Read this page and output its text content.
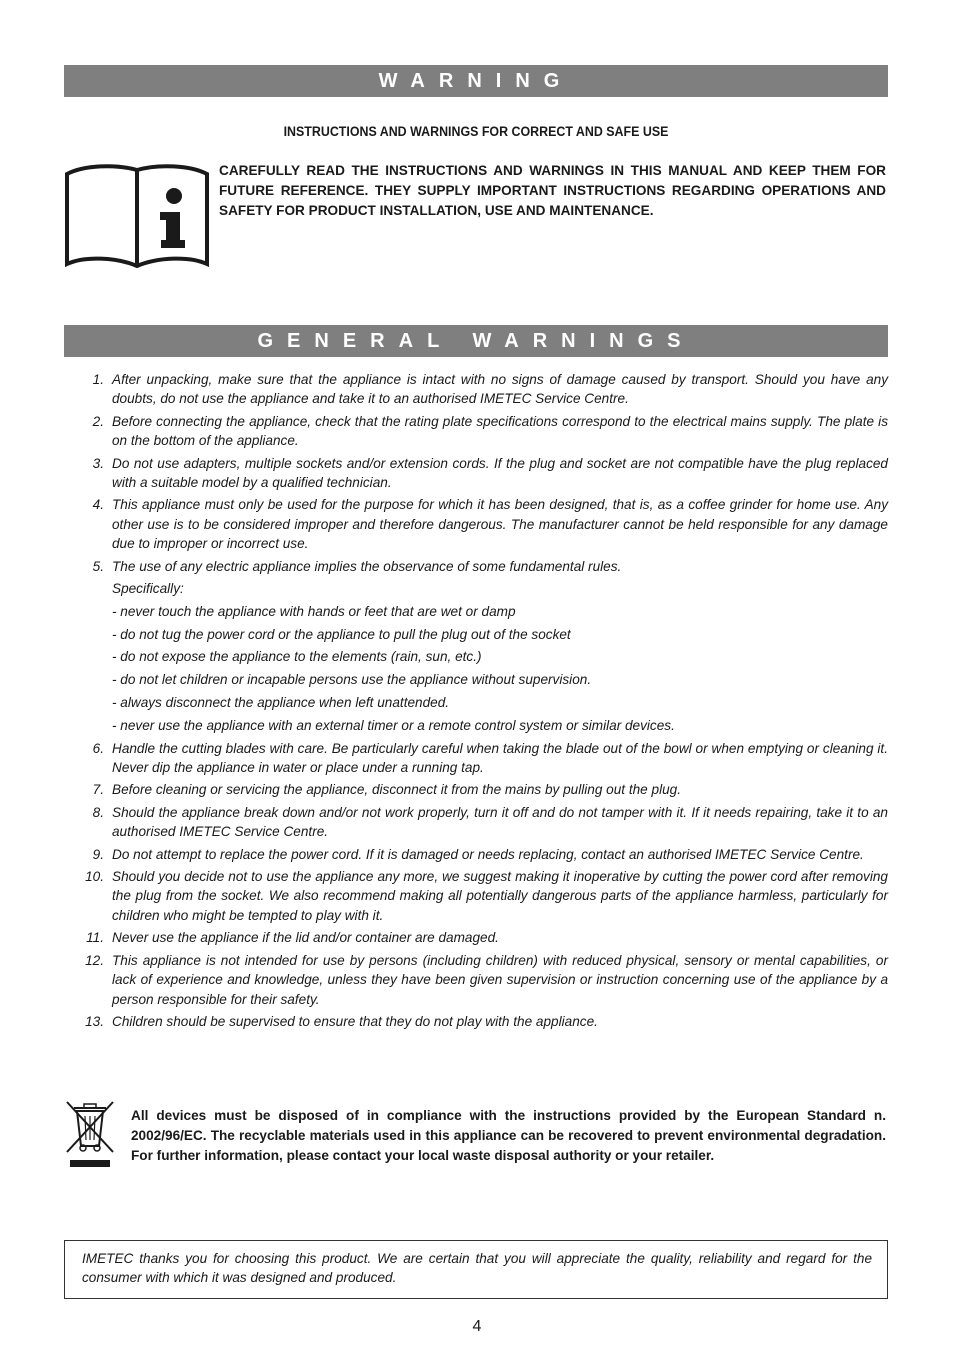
WARNING
INSTRUCTIONS AND WARNINGS FOR CORRECT AND SAFE USE
CAREFULLY READ THE INSTRUCTIONS AND WARNINGS IN THIS MANUAL AND KEEP THEM FOR FUTURE REFERENCE. THEY SUPPLY IMPORTANT INSTRUCTIONS REGARDING OPERATIONS AND SAFETY FOR PRODUCT INSTALLATION, USE AND MAINTENANCE.
GENERAL WARNINGS
1. After unpacking, make sure that the appliance is intact with no signs of damage caused by transport. Should you have any doubts, do not use the appliance and take it to an authorised IMETEC Service Centre.
2. Before connecting the appliance, check that the rating plate specifications correspond to the electrical mains supply. The plate is on the bottom of the appliance.
3. Do not use adapters, multiple sockets and/or extension cords. If the plug and socket are not compatible have the plug replaced with a suitable model by a qualified technician.
4. This appliance must only be used for the purpose for which it has been designed, that is, as a coffee grinder for home use. Any other use is to be considered improper and therefore dangerous. The manufacturer cannot be held responsible for any damage due to improper or incorrect use.
5. The use of any electric appliance implies the observance of some fundamental rules.
Specifically:
- never touch the appliance with hands or feet that are wet or damp
- do not tug the power cord or the appliance to pull the plug out of the socket
- do not expose the appliance to the elements (rain, sun, etc.)
- do not let children or incapable persons use the appliance without supervision.
- always disconnect the appliance when left unattended.
- never use the appliance with an external timer or a remote control system or similar devices.
6. Handle the cutting blades with care. Be particularly careful when taking the blade out of the bowl or when emptying or cleaning it. Never dip the appliance in water or place under a running tap.
7. Before cleaning or servicing the appliance, disconnect it from the mains by pulling out the plug.
8. Should the appliance break down and/or not work properly, turn it off and do not tamper with it. If it needs repairing, take it to an authorised IMETEC Service Centre.
9. Do not attempt to replace the power cord. If it is damaged or needs replacing, contact an authorised IMETEC Service Centre.
10. Should you decide not to use the appliance any more, we suggest making it inoperative by cutting the power cord after removing the plug from the socket. We also recommend making all potentially dangerous parts of the appliance harmless, particularly for children who might be tempted to play with it.
11. Never use the appliance if the lid and/or container are damaged.
12. This appliance is not intended for use by persons (including children) with reduced physical, sensory or mental capabilities, or lack of experience and knowledge, unless they have been given supervision or instruction concerning use of the appliance by a person responsible for their safety.
13. Children should be supervised to ensure that they do not play with the appliance.
All devices must be disposed of in compliance with the instructions provided by the European Standard n. 2002/96/EC. The recyclable materials used in this appliance can be recovered to prevent environmental degradation. For further information, please contact your local waste disposal authority or your retailer.
IMETEC thanks you for choosing this product. We are certain that you will appreciate the quality, reliability and regard for the consumer with which it was designed and produced.
4
